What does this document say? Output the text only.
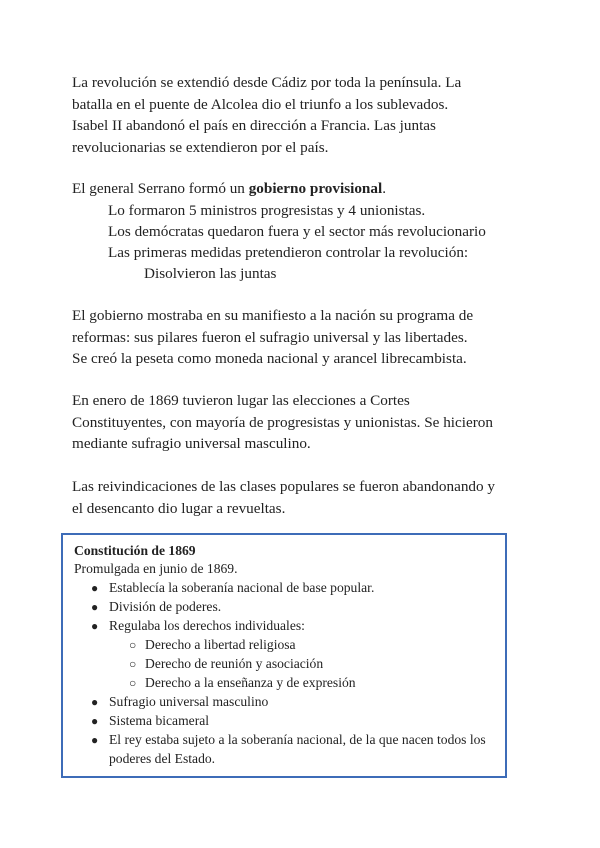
La revolución se extendió desde Cádiz por toda la península. La
batalla en el puente de Alcolea dio el triunfo a los sublevados.
Isabel II abandonó el país en dirección a Francia. Las juntas
revolucionarias se extendieron por el país.
El general Serrano formó un gobierno provisional.
Lo formaron 5 ministros progresistas y 4 unionistas.
Los demócratas quedaron fuera y el sector más revolucionario
Las primeras medidas pretendieron controlar la revolución:
Disolvieron las juntas
El gobierno mostraba en su manifiesto a la nación su programa de
reformas: sus pilares fueron el sufragio universal y las libertades.
Se creó la peseta como moneda nacional y arancel librecambista.
En enero de 1869 tuvieron lugar las elecciones a Cortes
Constituyentes, con mayoría de progresistas y unionistas. Se hicieron
mediante sufragio universal masculino.
Las reivindicaciones de las clases populares se fueron abandonando y
el desencanto dio lugar a revueltas.
Constitución de 1869
Promulgada en junio de 1869.
● Establecía la soberanía nacional de base popular.
● División de poderes.
● Regulaba los derechos individuales:
○ Derecho a libertad religiosa
○ Derecho de reunión y asociación
○ Derecho a la enseñanza y de expresión
● Sufragio universal masculino
● Sistema bicameral
● El rey estaba sujeto a la soberanía nacional, de la que nacen todos los
poderes del Estado.
